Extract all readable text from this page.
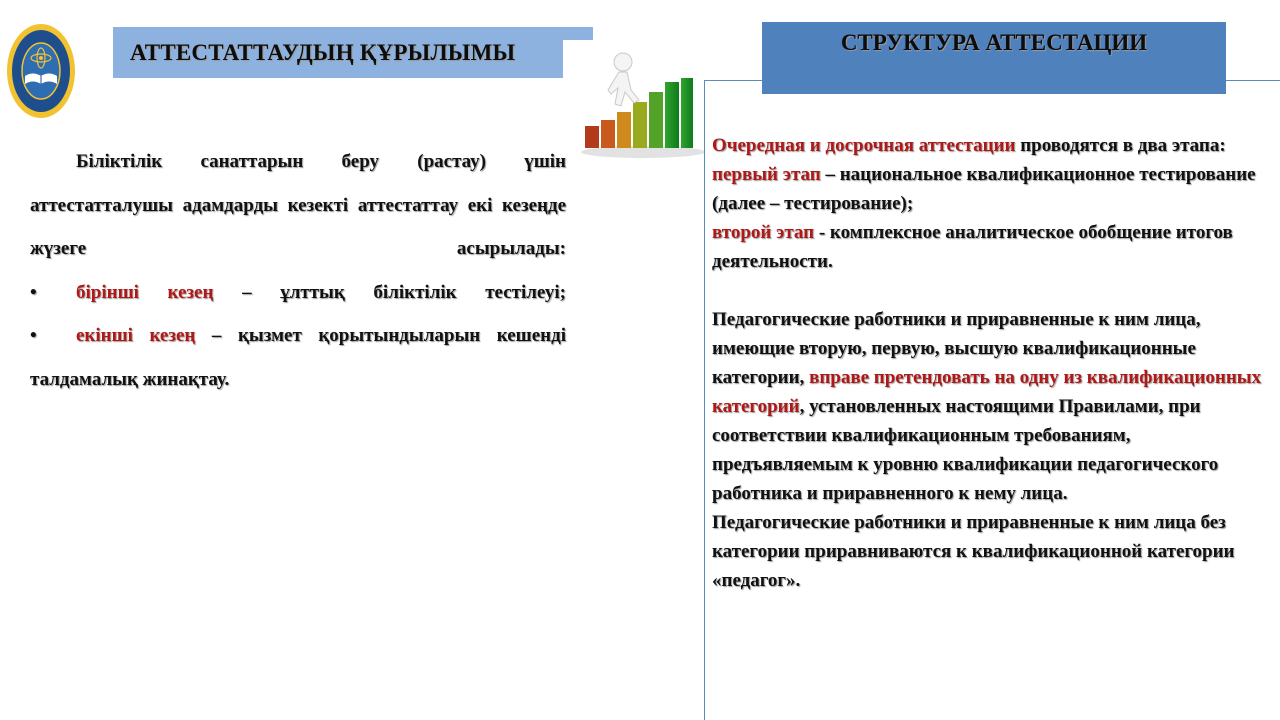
АТТЕСТАТТАУДЫҢ ҚҰРЫЛЫМЫ

Біліктілік санаттарын беру (растау) үшін аттестатталушы адамдарды кезекті аттестаттау екі кезеңде жүзеге асырылады:

• бірінші кезең – ұлттық біліктілік тестілеуі;

• екінші кезең – қызмет қорытындыларын кешенді талдамалық жинақтау.

СТРУКТУРА АТТЕСТАЦИИ

Очередная и досрочная аттестации проводятся в два этапа:

первый этап – национальное квалификационное тестирование (далее – тестирование);

второй этап - комплексное аналитическое обобщение итогов деятельности.

Педагогические работники и приравненные к ним лица, имеющие вторую, первую, высшую квалификационные категории, вправе претендовать на одну из квалификационных категорий, установленных настоящими Правилами, при соответствии квалификационным требованиям, предъявляемым к уровню квалификации педагогического работника и приравненного к нему лица.

Педагогические работники и приравненные к ним лица без категории приравниваются к квалификационной категории «педагог».
